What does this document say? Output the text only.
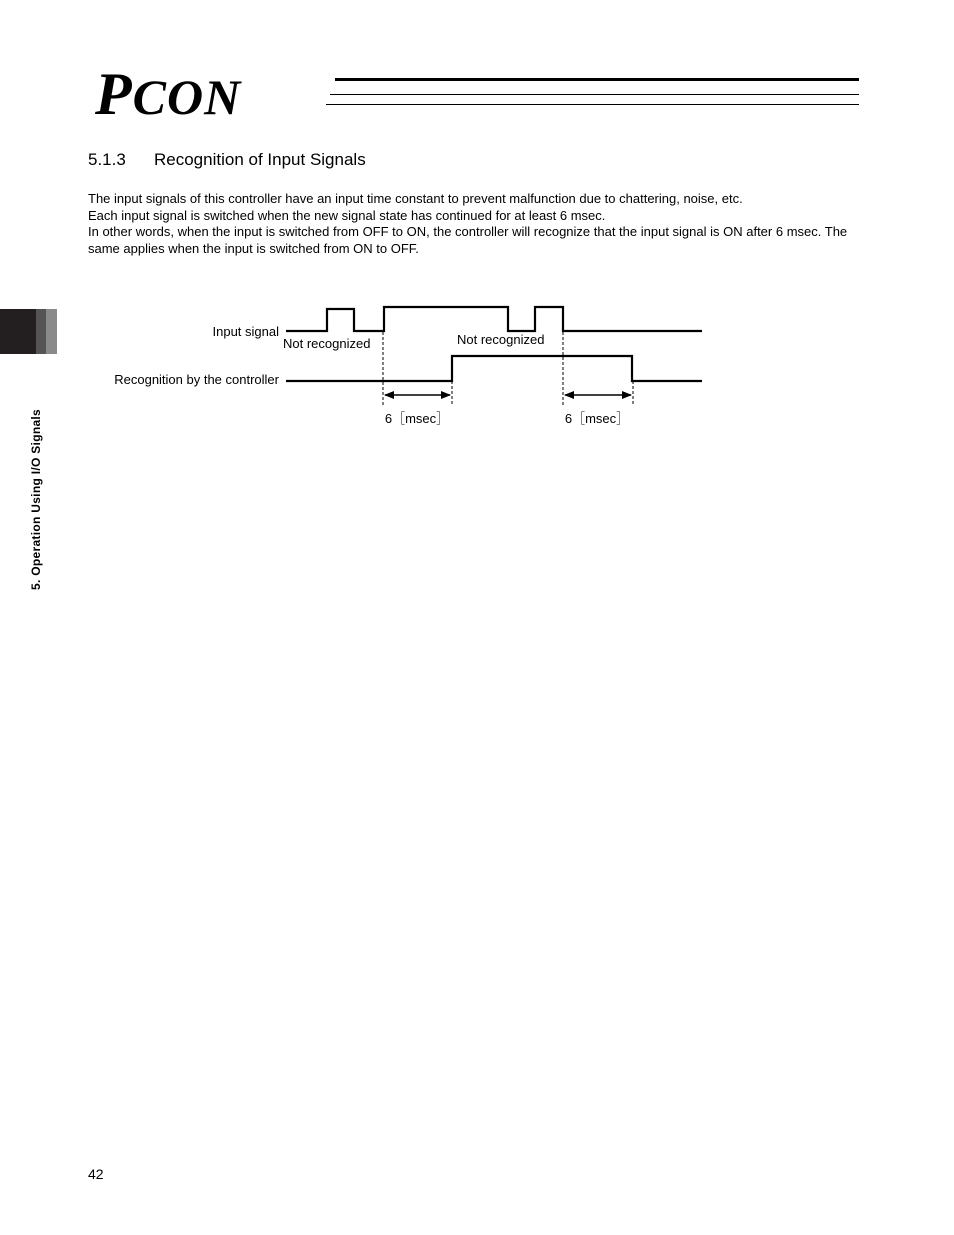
PCON
5.1.3 Recognition of Input Signals

The input signals of this controller have an input time constant to prevent malfunction due to chattering, noise, etc.

Each input signal is switched when the new signal state has continued for at least 6 msec.

In other words, when the input is switched from OFF to ON, the controller will recognize that the input signal is ON after 6 msec. The same applies when the input is switched from ON to OFF.

Input signal
Recognition by the controller
Not recognized	Not recognized
6［msec］	6［msec］
5. Operation Using I/O Signals
42
